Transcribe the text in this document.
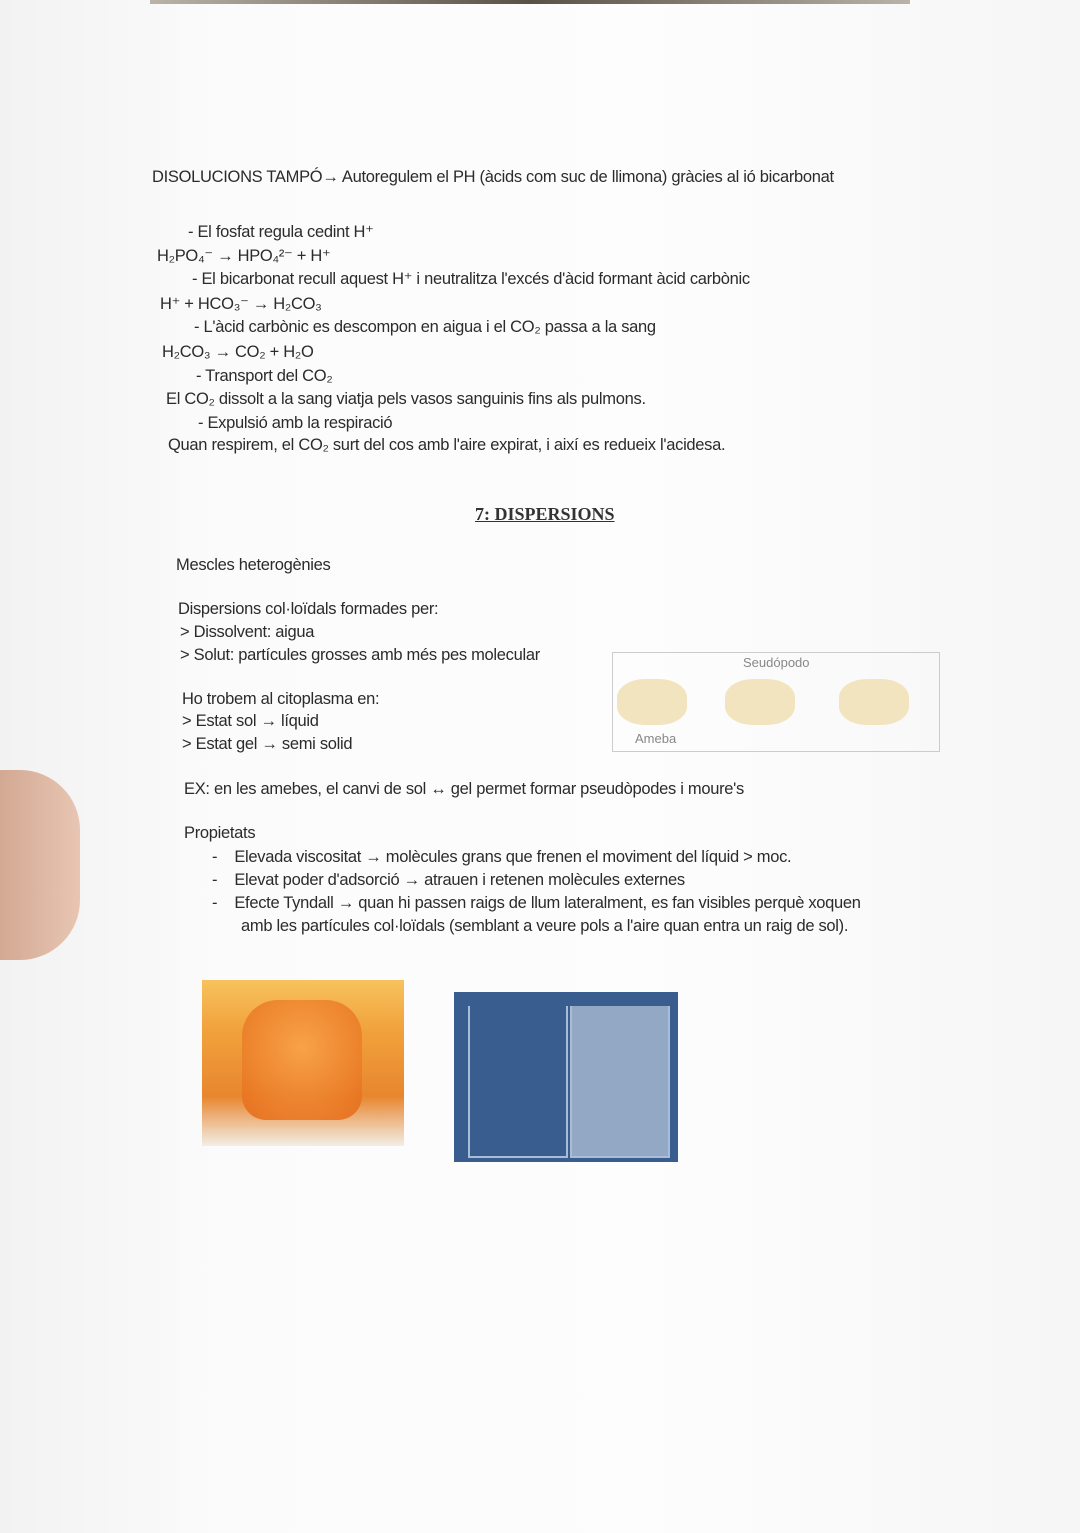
DISOLUCIONS TAMPÓ→ Autoregulem el PH (àcids com suc de llimona) gràcies al ió bicarbonat
- El fosfat regula cedint H⁺
H₂PO₄⁻ → HPO₄²⁻ + H⁺
- El bicarbonat recull aquest H⁺ i neutralitza l'excés d'àcid formant àcid carbònic
H⁺ + HCO₃⁻ → H₂CO₃
- L'àcid carbònic es descompon en aigua i el CO₂ passa a la sang
H₂CO₃ → CO₂ + H₂O
- Transport del CO₂
El CO₂ dissolt a la sang viatja pels vasos sanguinis fins als pulmons.
- Expulsió amb la respiració
Quan respirem, el CO₂ surt del cos amb l'aire expirat, i així es redueix l'acidesa.
7: DISPERSIONS
Mescles heterogènies
Dispersions col·loïdals formades per:
> Dissolvent: aigua
> Solut: partícules grosses amb més pes molecular
Ho trobem al citoplasma en:
> Estat sol → líquid
> Estat gel → semi solid
Seudópodo
Ameba
EX: en les amebes, el canvi de sol ↔ gel permet formar pseudòpodes i moure's
Propietats
-    Elevada viscositat → molècules grans que frenen el moviment del líquid > moc.
-    Elevat poder d'adsorció → atrauen i retenen molècules externes
-    Efecte Tyndall → quan hi passen raigs de llum lateralment, es fan visibles perquè xoquen
amb les partícules col·loïdals (semblant a veure pols a l'aire quan entra un raig de sol).
